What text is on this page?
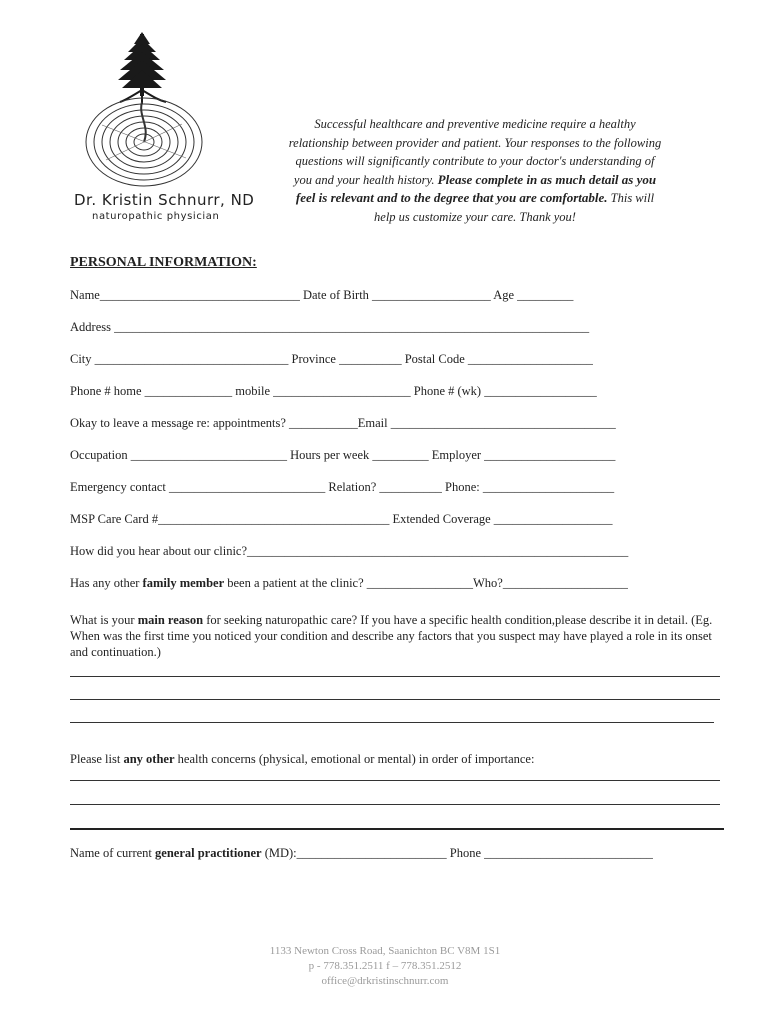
Dr. Kristin Schnurr, ND
naturopathic physician
Successful healthcare and preventive medicine require a healthy relationship between provider and patient. Your responses to the following questions will significantly contribute to your doctor's understanding of you and your health history. Please complete in as much detail as you feel is relevant and to the degree that you are comfortable. This will help us customize your care. Thank you!
PERSONAL INFORMATION:
Name________________________________ Date of Birth ___________________ Age _________
Address ____________________________________________________________________________
City _______________________________ Province __________ Postal Code ____________________
Phone # home ______________ mobile ______________________ Phone # (wk) __________________
Okay to leave a message re: appointments? ___________Email ____________________________________
Occupation _________________________ Hours per week _________ Employer _____________________
Emergency contact _________________________ Relation? __________ Phone: _____________________
MSP Care Card #_____________________________________ Extended Coverage ___________________
How did you hear about our clinic?_____________________________________________________________
Has any other family member been a patient at the clinic? _________________Who?____________________
What is your main reason for seeking naturopathic care? If you have a specific health condition,please describe it in detail. (Eg. When was the first time you noticed your condition and describe any factors that you suspect may have played a role in its onset and continuation.)
Please list any other health concerns (physical, emotional or mental) in order of importance:
Name of current general practitioner (MD):________________________ Phone ___________________________
1133 Newton Cross Road, Saanichton BC V8M 1S1
p - 778.351.2511 f – 778.351.2512
office@drkristinschnurr.com
